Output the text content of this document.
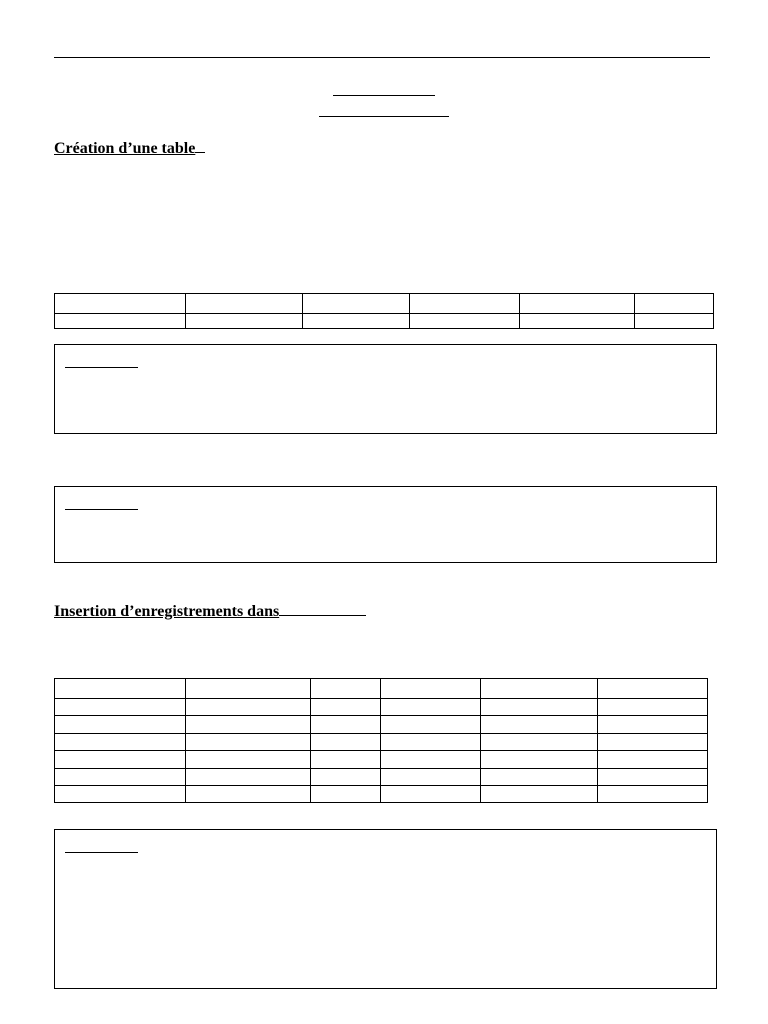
Création d’une table

Insertion d’enregistrements dans
